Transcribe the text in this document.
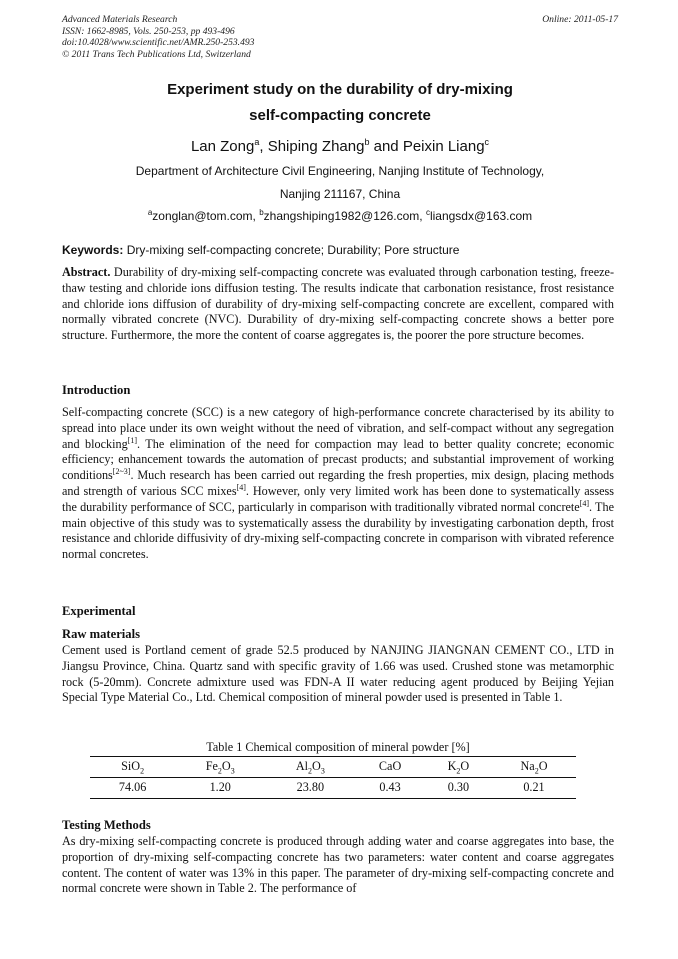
Advanced Materials Research
ISSN: 1662-8985, Vols. 250-253, pp 493-496
doi:10.4028/www.scientific.net/AMR.250-253.493
© 2011 Trans Tech Publications Ltd, Switzerland
Online: 2011-05-17
Experiment study on the durability of dry-mixing
self-compacting concrete
Lan Zong$^a$, Shiping Zhang$^b$ and Peixin Liang$^c$
Department of Architecture Civil Engineering, Nanjing Institute of Technology,
Nanjing 211167, China
$^a$zonglan@tom.com, $^b$zhangshiping1982@126.com, $^c$liangsdx@163.com
Keywords: Dry-mixing self-compacting concrete; Durability; Pore structure
Abstract. Durability of dry-mixing self-compacting concrete was evaluated through carbonation testing, freeze-thaw testing and chloride ions diffusion testing. The results indicate that carbonation resistance, frost resistance and chloride ions diffusion of durability of dry-mixing self-compacting concrete are excellent, compared with normally vibrated concrete (NVC). Durability of dry-mixing self-compacting concrete shows a better pore structure. Furthermore, the more the content of coarse aggregates is, the poorer the pore structure becomes.
Introduction
Self-compacting concrete (SCC) is a new category of high-performance concrete characterised by its ability to spread into place under its own weight without the need of vibration, and self-compact without any segregation and blocking[1]. The elimination of the need for compaction may lead to better quality concrete; economic efficiency; enhancement towards the automation of precast products; and substantial improvement of working conditions[2~3]. Much research has been carried out regarding the fresh properties, mix design, placing methods and strength of various SCC mixes[4]. However, only very limited work has been done to systematically assess the durability performance of SCC, particularly in comparison with traditionally vibrated normal concrete[4]. The main objective of this study was to systematically assess the durability by investigating carbonation depth, frost resistance and chloride diffusivity of dry-mixing self-compacting concrete in comparison with vibrated reference normal concretes.
Experimental
Raw materials
Cement used is Portland cement of grade 52.5 produced by NANJING JIANGNAN CEMENT CO., LTD in Jiangsu Province, China. Quartz sand with specific gravity of 1.66 was used. Crushed stone was metamorphic rock (5-20mm). Concrete admixture used was FDN-A II water reducing agent produced by Beijing Yejian Special Type Material Co., Ltd. Chemical composition of mineral powder used is presented in Table 1.
Table 1 Chemical composition of mineral powder [%]
SiO$_2$	$Fe_2O_3$	$Al_2O_3$	CaO	$K_2O$	$Na_2O$
74.06	1.20	23.80	0.43	0.30	0.21
Testing Methods
As dry-mixing self-compacting concrete is produced through adding water and coarse aggregates into base, the proportion of dry-mixing self-compacting concrete has two parameters: water content and coarse aggregates content. The content of water was 13% in this paper. The parameter of dry-mixing self-compacting concrete and normal concrete were shown in Table 2. The performance of
